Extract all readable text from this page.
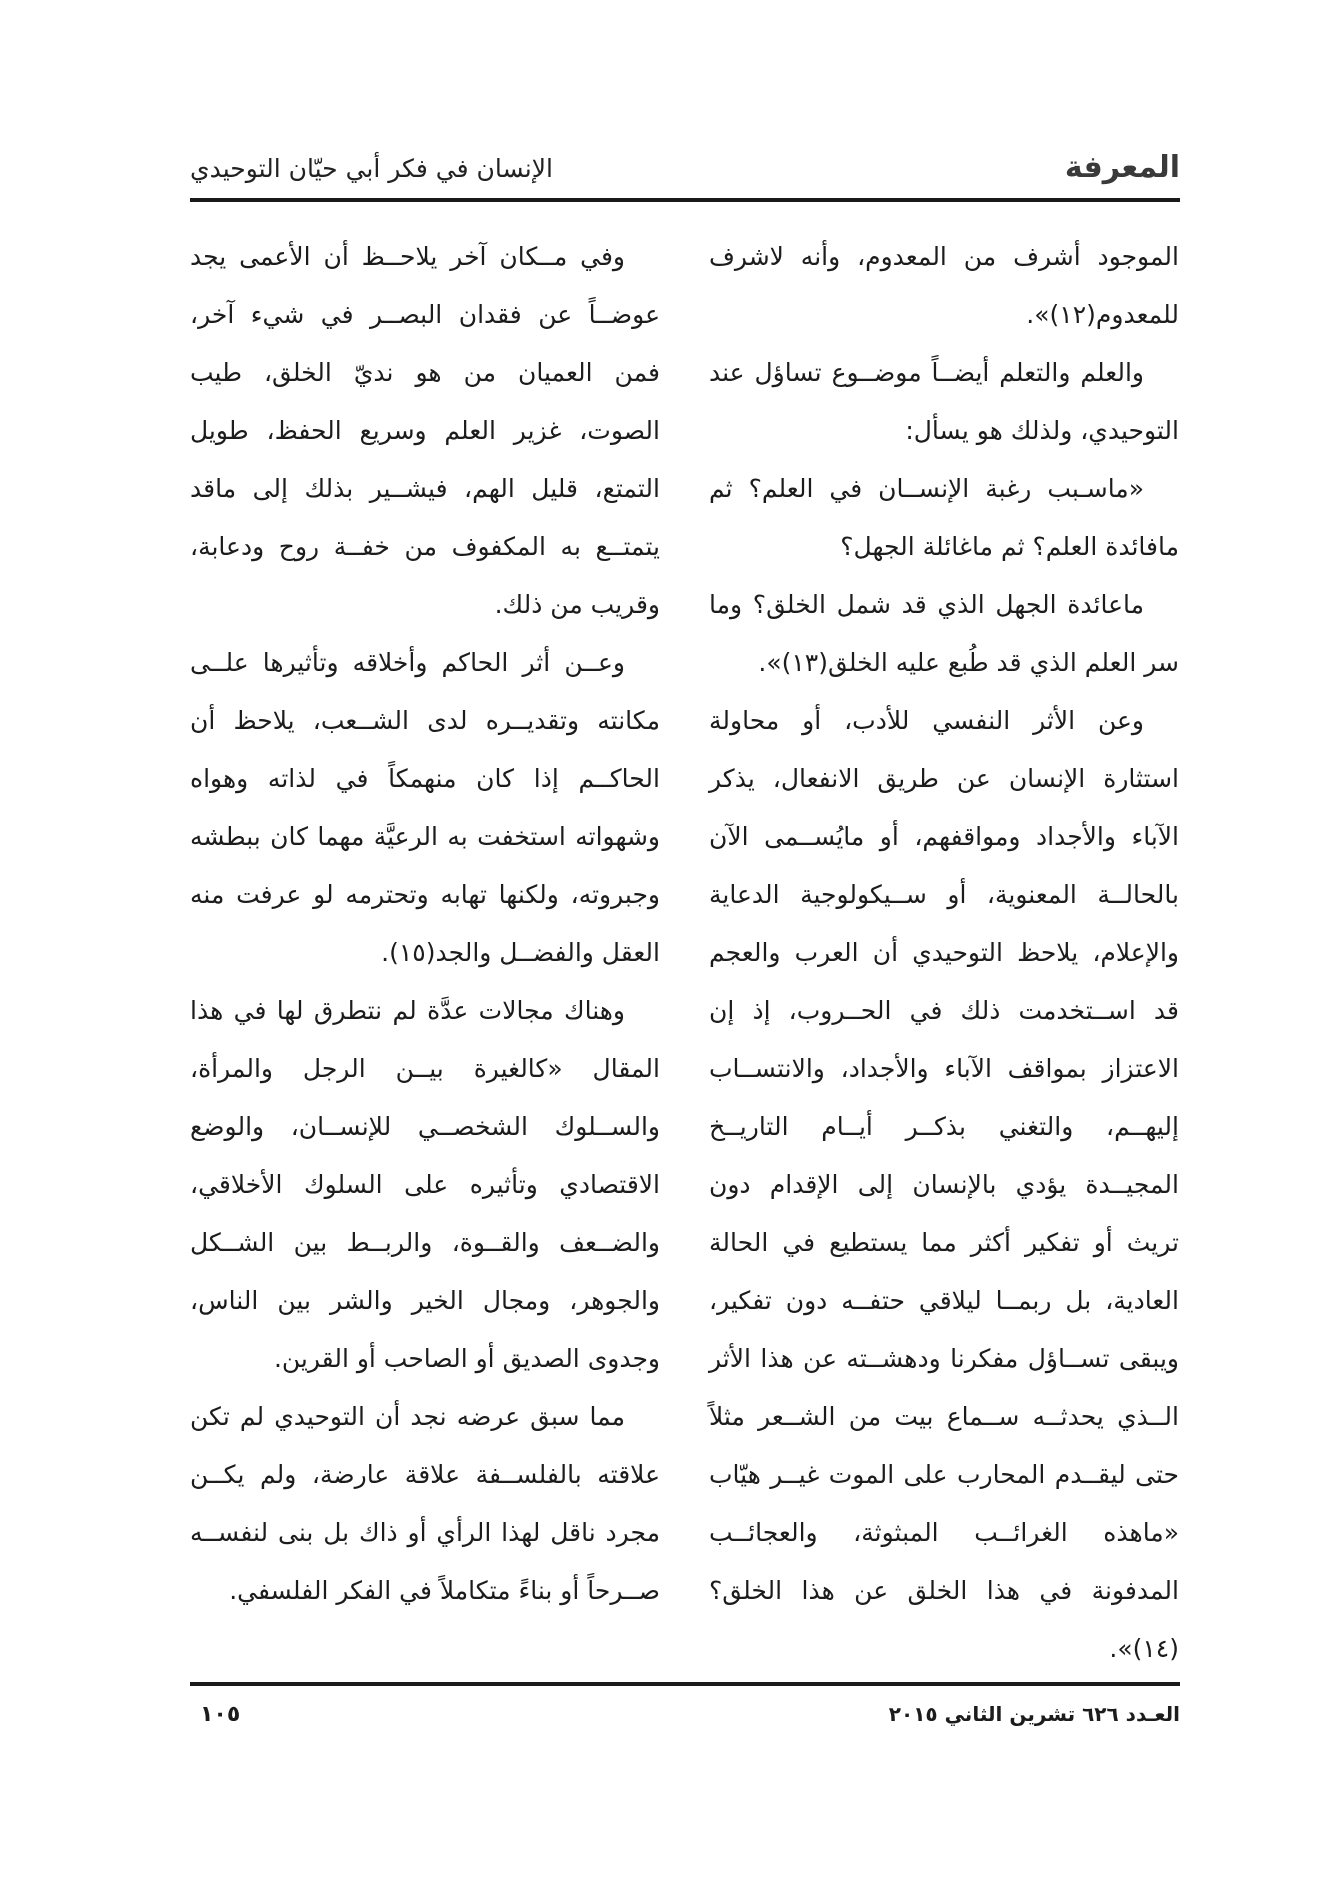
المعرفة
الإنسان في فكر أبي حيّان التوحيدي

الموجود أشرف من المعدوم، وأنه لاشرف للمعدوم(١٢)».

والعلم والتعلم أيضــاً موضــوع تساؤل عند التوحيدي، ولذلك هو يسأل:

«ماسـبب رغبة الإنســان في العلم؟ ثم مافائدة العلم؟ ثم ماغائلة الجهل؟

ماعائدة الجهل الذي قد شمل الخلق؟ وما سر العلم الذي قد طُبع عليه الخلق(١٣)».

وعن الأثر النفسي للأدب، أو محاولة استثارة الإنسان عن طريق الانفعال، يذكر الآباء والأجداد ومواقفهم، أو مايُســمى الآن بالحالــة المعنوية، أو ســيكولوجية الدعاية والإعلام، يلاحظ التوحيدي أن العرب والعجم قد اســتخدمت ذلك في الحــروب، إذ إن الاعتزاز بمواقف الآباء والأجداد، والانتســاب إليهــم، والتغني بذكــر أيــام التاريــخ المجيــدة يؤدي بالإنسان إلى الإقدام دون تريث أو تفكير أكثر مما يستطيع في الحالة العادية، بل ربمــا ليلاقي حتفــه دون تفكير، ويبقى تســاؤل مفكرنا ودهشــته عن هذا الأثر الــذي يحدثــه ســماع بيت من الشــعر مثلاً حتى ليقــدم المحارب على الموت غيــر هيّاب «ماهذه الغرائــب المبثوثة، والعجائــب المدفونة في هذا الخلق عن هذا الخلق؟(١٤)».

وفي مــكان آخر يلاحــظ أن الأعمى يجد عوضــاً عن فقدان البصــر في شيء آخر، فمن العميان من هو نديّ الخلق، طيب الصوت، غزير العلم وسريع الحفظ، طويل التمتع، قليل الهم، فيشــير بذلك إلى ماقد يتمتــع به المكفوف من خفــة روح ودعابة، وقريب من ذلك.

وعــن أثر الحاكم وأخلاقه وتأثيرها علــى مكانته وتقديــره لدى الشــعب، يلاحظ أن الحاكــم إذا كان منهمكاً في لذاته وهواه وشهواته استخفت به الرعيَّة مهما كان ببطشه وجبروته، ولكنها تهابه وتحترمه لو عرفت منه العقل والفضــل والجد(١٥).

وهناك مجالات عدَّة لم نتطرق لها في هذا المقال «كالغيرة بيــن الرجل والمرأة، والســلوك الشخصــي للإنســان، والوضع الاقتصادي وتأثيره على السلوك الأخلاقي، والضــعف والقــوة، والربــط بين الشــكل والجوهر، ومجال الخير والشر بين الناس، وجدوى الصديق أو الصاحب أو القرين.

مما سبق عرضه نجد أن التوحيدي لم تكن علاقته بالفلســفة علاقة عارضة، ولم يكــن مجرد ناقل لهذا الرأي أو ذاك بل بنى لنفســه صــرحاً أو بناءً متكاملاً في الفكر الفلسفي.

العـدد ٦٢٦ تشرين الثاني ٢٠١٥
١٠٥
